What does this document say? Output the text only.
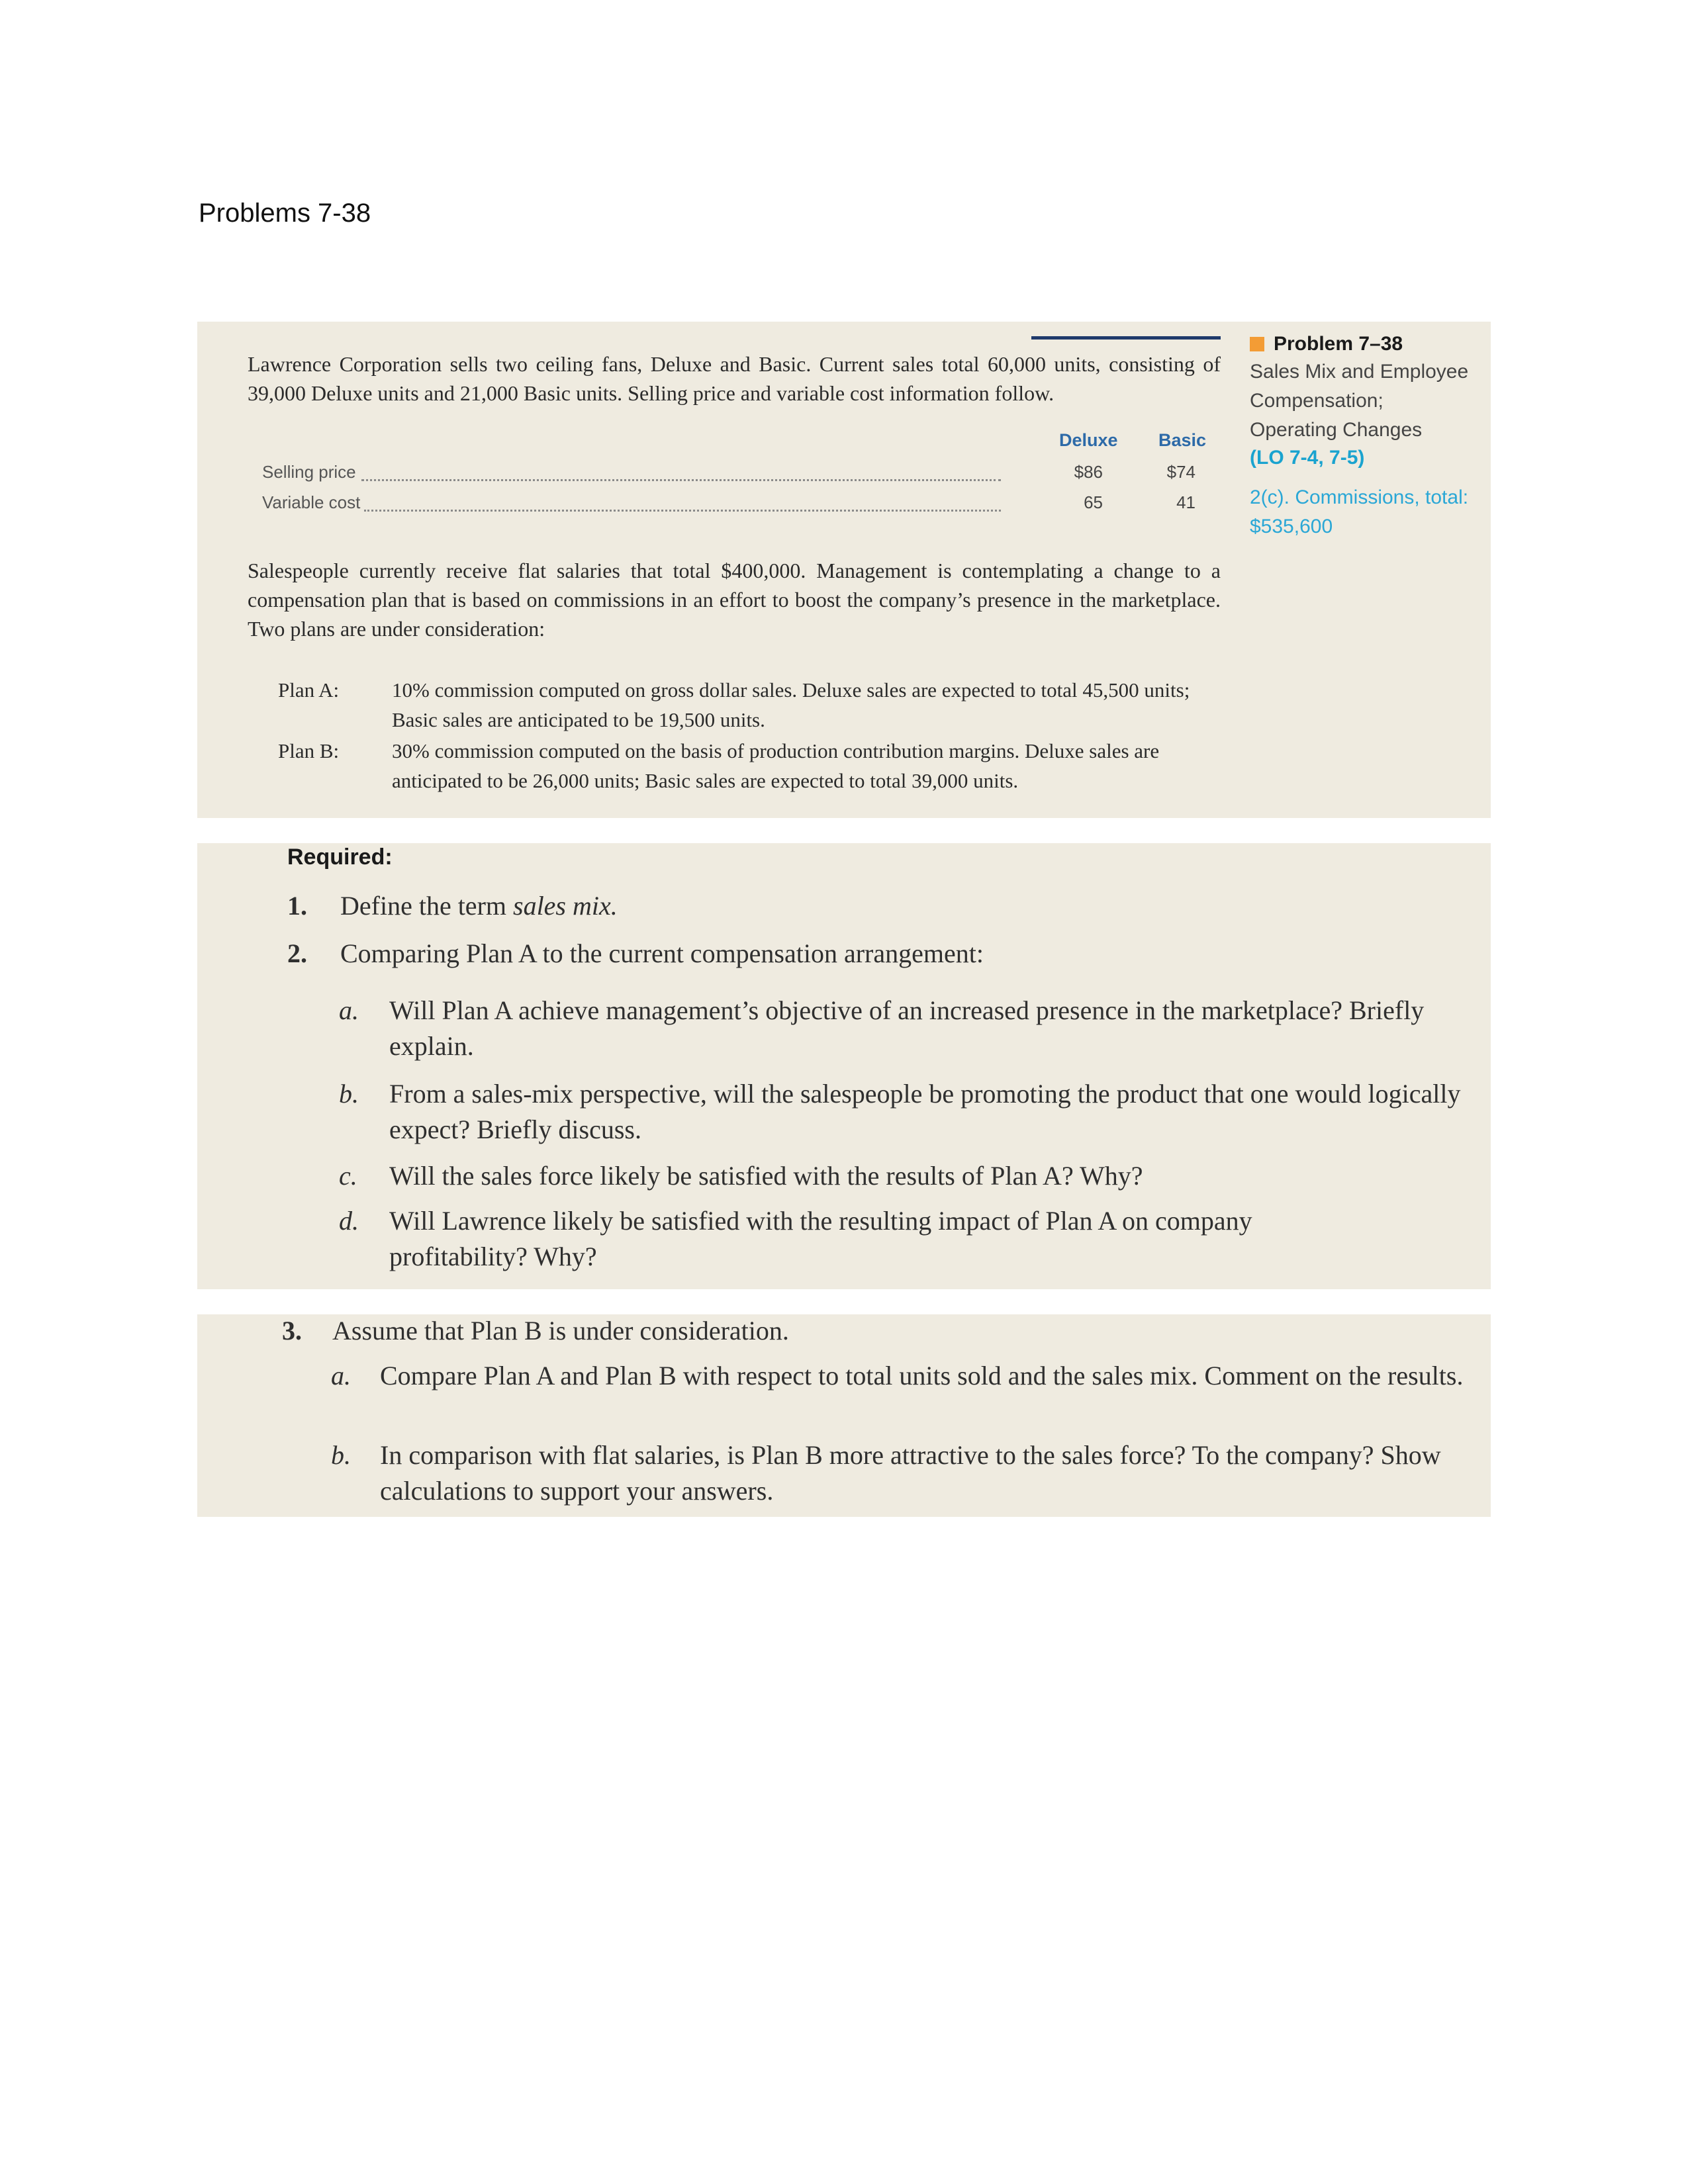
Problems 7-38
Lawrence Corporation sells two ceiling fans, Deluxe and Basic. Current sales total 60,000 units, consisting of 39,000 Deluxe units and 21,000 Basic units. Selling price and variable cost information follow.
Deluxe Basic
Selling price	$86	$74
Variable cost	65	41
Salespeople currently receive flat salaries that total $400,000. Management is contemplating a change to a compensation plan that is based on commissions in an effort to boost the company’s presence in the marketplace. Two plans are under consideration:
Plan A:	10% commission computed on gross dollar sales. Deluxe sales are expected to total 45,500 units; Basic sales are anticipated to be 19,500 units.
Plan B:	30% commission computed on the basis of production contribution margins. Deluxe sales are anticipated to be 26,000 units; Basic sales are expected to total 39,000 units.
Problem 7–38
Sales Mix and Employee Compensation; Operating Changes
(LO 7-4, 7-5)
2(c). Commissions, total: $535,600
Required:
1. Define the term sales mix.
2. Comparing Plan A to the current compensation arrangement:
a. Will Plan A achieve management’s objective of an increased presence in the marketplace? Briefly explain.
b. From a sales-mix perspective, will the salespeople be promoting the product that one would logically expect? Briefly discuss.
c. Will the sales force likely be satisfied with the results of Plan A? Why?
d. Will Lawrence likely be satisfied with the resulting impact of Plan A on company profitability? Why?
3. Assume that Plan B is under consideration.
a. Compare Plan A and Plan B with respect to total units sold and the sales mix. Comment on the results.
b. In comparison with flat salaries, is Plan B more attractive to the sales force? To the company? Show calculations to support your answers.
